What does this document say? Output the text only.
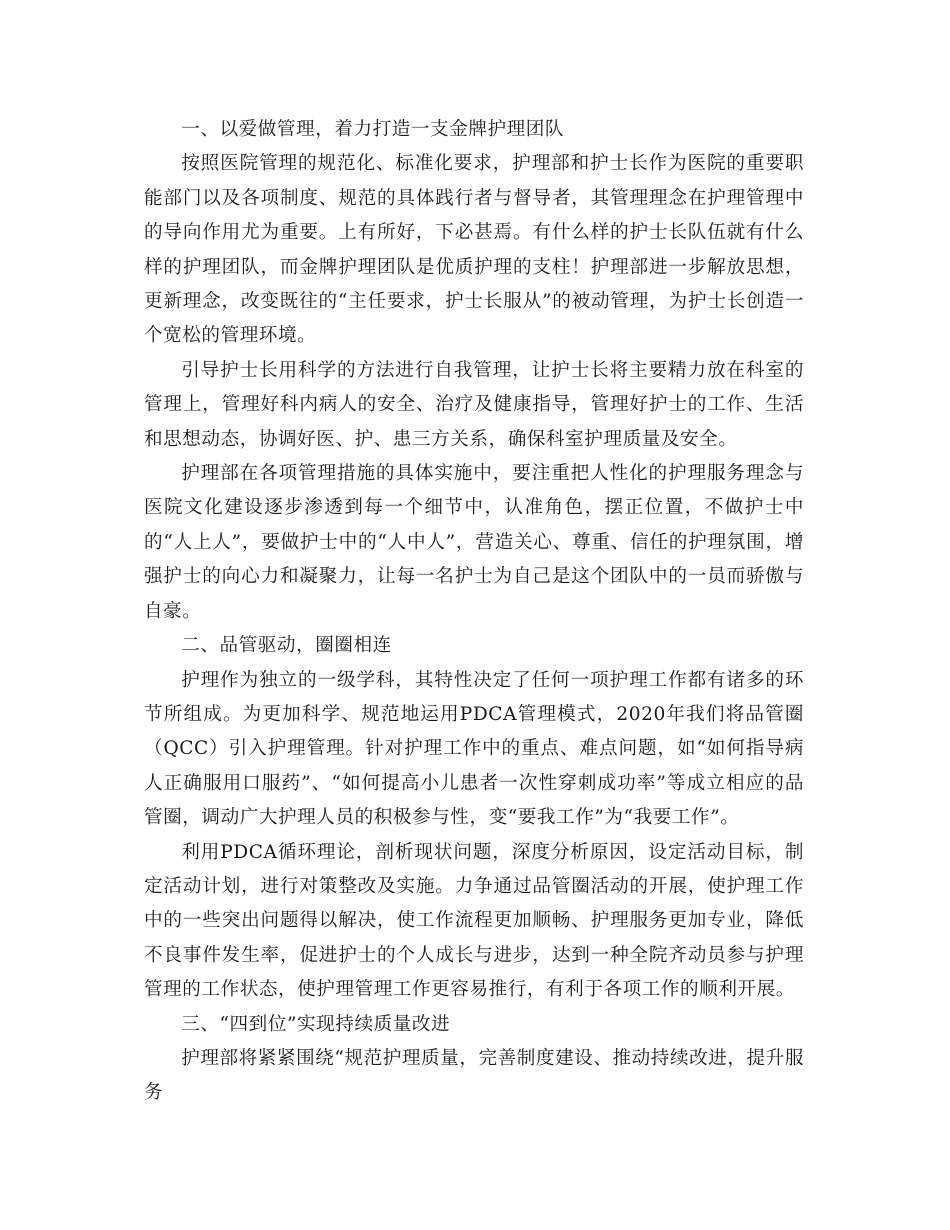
一、以爱做管理，着力打造一支金牌护理团队

按照医院管理的规范化、标准化要求，护理部和护士长作为医院的重要职能部门以及各项制度、规范的具体践行者与督导者，其管理理念在护理管理中的导向作用尤为重要。上有所好，下必甚焉。有什么样的护士长队伍就有什么样的护理团队，而金牌护理团队是优质护理的支柱！护理部进一步解放思想，更新理念，改变既往的“主任要求，护士长服从”的被动管理，为护士长创造一个宽松的管理环境。

引导护士长用科学的方法进行自我管理，让护士长将主要精力放在科室的管理上，管理好科内病人的安全、治疗及健康指导，管理好护士的工作、生活和思想动态，协调好医、护、患三方关系，确保科室护理质量及安全。

护理部在各项管理措施的具体实施中，要注重把人性化的护理服务理念与医院文化建设逐步渗透到每一个细节中，认准角色，摆正位置，不做护士中的“人上人”，要做护士中的“人中人”，营造关心、尊重、信任的护理氛围，增强护士的向心力和凝聚力，让每一名护士为自己是这个团队中的一员而骄傲与自豪。

二、品管驱动，圈圈相连

护理作为独立的一级学科，其特性决定了任何一项护理工作都有诸多的环节所组成。为更加科学、规范地运用PDCA管理模式，2020年我们将品管圈（QCC）引入护理管理。针对护理工作中的重点、难点问题，如“如何指导病人正确服用口服药”、“如何提高小儿患者一次性穿刺成功率”等成立相应的品管圈，调动广大护理人员的积极参与性，变“要我工作”为“我要工作”。

利用PDCA循环理论，剖析现状问题，深度分析原因，设定活动目标，制定活动计划，进行对策整改及实施。力争通过品管圈活动的开展，使护理工作中的一些突出问题得以解决，使工作流程更加顺畅、护理服务更加专业，降低不良事件发生率，促进护士的个人成长与进步，达到一种全院齐动员参与护理管理的工作状态，使护理管理工作更容易推行，有利于各项工作的顺利开展。

三、“四到位”实现持续质量改进

护理部将紧紧围绕“规范护理质量，完善制度建设、推动持续改进，提升服务
